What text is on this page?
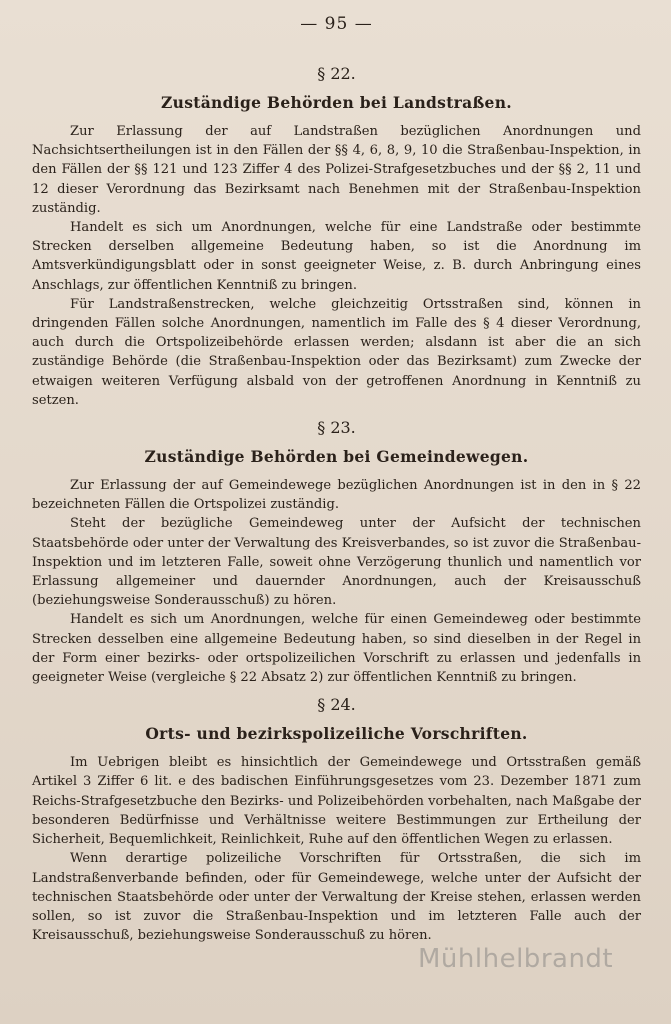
— 95 —
§ 22.
Zuständige Behörden bei Landstraßen.

Zur Erlassung der auf Landstraßen bezüglichen Anordnungen und Nachsichtsertheilungen ist in den Fällen der §§ 4, 6, 8, 9, 10 die Straßenbau-Inspektion, in den Fällen der §§ 121 und 123 Ziffer 4 des Polizei-Strafgesetzbuches und der §§ 2, 11 und 12 dieser Verordnung das Bezirksamt nach Benehmen mit der Straßenbau-Inspektion zuständig.

Handelt es sich um Anordnungen, welche für eine Landstraße oder bestimmte Strecken derselben allgemeine Bedeutung haben, so ist die Anordnung im Amtsverkündigungsblatt oder in sonst geeigneter Weise, z. B. durch Anbringung eines Anschlags, zur öffentlichen Kenntniß zu bringen.

Für Landstraßenstrecken, welche gleichzeitig Ortsstraßen sind, können in dringenden Fällen solche Anordnungen, namentlich im Falle des § 4 dieser Verordnung, auch durch die Ortspolizeibehörde erlassen werden; alsdann ist aber die an sich zuständige Behörde (die Straßenbau-Inspektion oder das Bezirksamt) zum Zwecke der etwaigen weiteren Verfügung alsbald von der getroffenen Anordnung in Kenntniß zu setzen.

§ 23.
Zuständige Behörden bei Gemeindewegen.

Zur Erlassung der auf Gemeindewege bezüglichen Anordnungen ist in den in § 22 bezeichneten Fällen die Ortspolizei zuständig.

Steht der bezügliche Gemeindeweg unter der Aufsicht der technischen Staatsbehörde oder unter der Verwaltung des Kreisverbandes, so ist zuvor die Straßenbau-Inspektion und im letzteren Falle, soweit ohne Verzögerung thunlich und namentlich vor Erlassung allgemeiner und dauernder Anordnungen, auch der Kreisausschuß (beziehungsweise Sonderausschuß) zu hören.

Handelt es sich um Anordnungen, welche für einen Gemeindeweg oder bestimmte Strecken desselben eine allgemeine Bedeutung haben, so sind dieselben in der Regel in der Form einer bezirks- oder ortspolizeilichen Vorschrift zu erlassen und jedenfalls in geeigneter Weise (vergleiche § 22 Absatz 2) zur öffentlichen Kenntniß zu bringen.

§ 24.
Orts- und bezirkspolizeiliche Vorschriften.

Im Uebrigen bleibt es hinsichtlich der Gemeindewege und Ortsstraßen gemäß Artikel 3 Ziffer 6 lit. e des badischen Einführungsgesetzes vom 23. Dezember 1871 zum Reichs-Strafgesetzbuche den Bezirks- und Polizeibehörden vorbehalten, nach Maßgabe der besonderen Bedürfnisse und Verhältnisse weitere Bestimmungen zur Ertheilung der Sicherheit, Bequemlichkeit, Reinlichkeit, Ruhe auf den öffentlichen Wegen zu erlassen.

Wenn derartige polizeiliche Vorschriften für Ortsstraßen, die sich im Landstraßenverbande befinden, oder für Gemeindewege, welche unter der Aufsicht der technischen Staatsbehörde oder unter der Verwaltung der Kreise stehen, erlassen werden sollen, so ist zuvor die Straßenbau-Inspektion und im letzteren Falle auch der Kreisausschuß, beziehungsweise Sonderausschuß zu hören.

Mühlhelbrandt
